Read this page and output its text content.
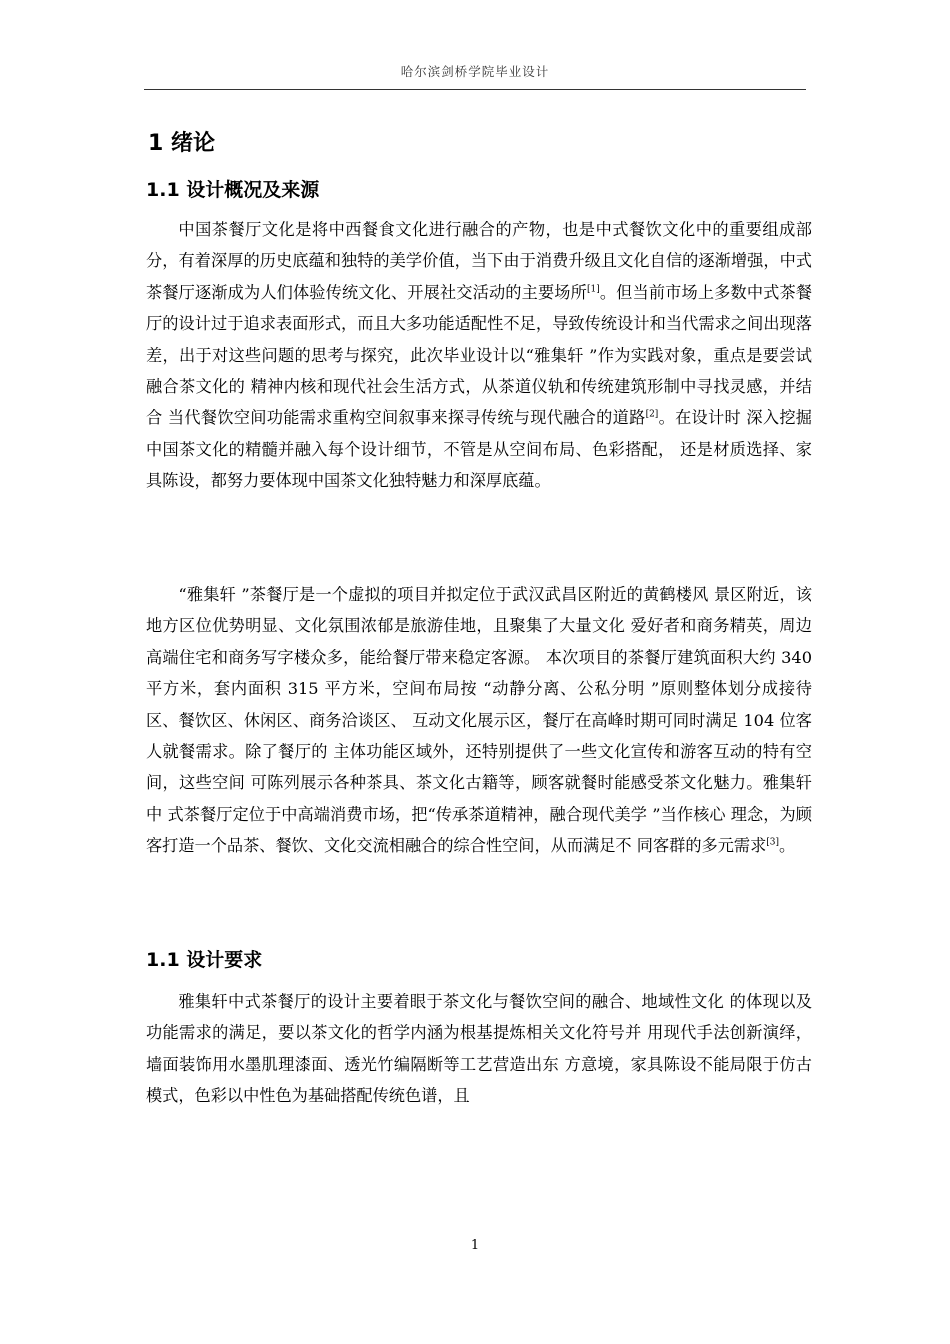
哈尔滨剑桥学院毕业设计
1 绪论
1.1 设计概况及来源

中国茶餐厅文化是将中西餐食文化进行融合的产物，也是中式餐饮文化中的重要组成部分，有着深厚的历史底蕴和独特的美学价值，当下由于消费升级且文化自信的逐渐增强，中式茶餐厅逐渐成为人们体验传统文化、开展社交活动的主要场所[1]。但当前市场上多数中式茶餐厅的设计过于追求表面形式，而且大多功能适配性不足，导致传统设计和当代需求之间出现落差，出于对这些问题的思考与探究，此次毕业设计以“雅集轩 ”作为实践对象，重点是要尝试融合茶文化的 精神内核和现代社会生活方式，从茶道仪轨和传统建筑形制中寻找灵感，并结合 当代餐饮空间功能需求重构空间叙事来探寻传统与现代融合的道路[2]。在设计时 深入挖掘中国茶文化的精髓并融入每个设计细节，不管是从空间布局、色彩搭配， 还是材质选择、家具陈设，都努力要体现中国茶文化独特魅力和深厚底蕴。

“雅集轩 ”茶餐厅是一个虚拟的项目并拟定位于武汉武昌区附近的黄鹤楼风 景区附近，该地方区位优势明显、文化氛围浓郁是旅游佳地，且聚集了大量文化 爱好者和商务精英，周边高端住宅和商务写字楼众多，能给餐厅带来稳定客源。 本次项目的茶餐厅建筑面积大约 340 平方米，套内面积 315 平方米，空间布局按 “动静分离、公私分明 ”原则整体划分成接待区、餐饮区、休闲区、商务洽谈区、 互动文化展示区，餐厅在高峰时期可同时满足 104 位客人就餐需求。除了餐厅的 主体功能区域外，还特别提供了一些文化宣传和游客互动的特有空间，这些空间 可陈列展示各种茶具、茶文化古籍等，顾客就餐时能感受茶文化魅力。雅集轩中 式茶餐厅定位于中高端消费市场，把“传承茶道精神，融合现代美学 ”当作核心 理念，为顾客打造一个品茶、餐饮、文化交流相融合的综合性空间，从而满足不 同客群的多元需求[3]。

1.1 设计要求

雅集轩中式茶餐厅的设计主要着眼于茶文化与餐饮空间的融合、地域性文化 的体现以及功能需求的满足，要以茶文化的哲学内涵为根基提炼相关文化符号并 用现代手法创新演绎，墙面装饰用水墨肌理漆面、透光竹编隔断等工艺营造出东 方意境，家具陈设不能局限于仿古模式，色彩以中性色为基础搭配传统色谱，且

1
